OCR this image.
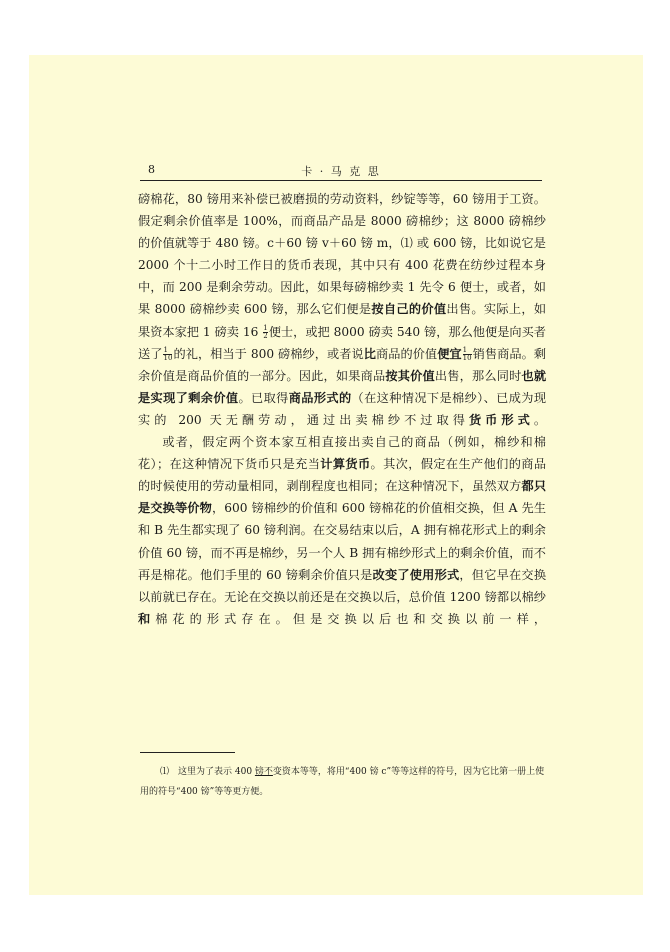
8	卡 · 马 克 思

磅棉花，80 镑用来补偿已被磨损的劳动资料，纱锭等等，60 镑用于工资。假定剩余价值率是 100%，而商品产品是 8000 磅棉纱；这 8000 磅棉纱的价值就等于 480 镑。c＋60 镑 v＋60 镑 m，⑴ 或 600 镑，比如说它是 2000 个十二小时工作日的货币表现，其中只有 400 花费在纺纱过程本身中，而 200 是剩余劳动。因此，如果每磅棉纱卖 1 先令 6 便士，或者，如果 8000 磅棉纱卖 600 镑，那么它们便是按自己的价值出售。实际上，如果资本家把 1 磅卖 $16 \frac{1}{2}$ 便士，或把 8000 磅卖 540 镑，那么他便是向买者送了 $\frac{1}{10}$ 的礼，相当于 800 磅棉纱，或者说比商品的价值便宜 $\frac{1}{10}$ 销售商品。剩余价值是商品价值的一部分。因此，如果商品按其价值出售，那么同时也就是实现了剩余价值。已取得商品形式的（在这种情况下是棉纱）、已成为现实的 200 天无酬劳动，通过出卖棉纱不过取得货币形式。

或者，假定两个资本家互相直接出卖自己的商品（例如，棉纱和棉花）；在这种情况下货币只是充当计算货币。其次，假定在生产他们的商品的时候使用的劳动量相同，剥削程度也相同；在这种情况下，虽然双方都只是交换等价物，600 镑棉纱的价值和 600 镑棉花的价值相交换，但 A 先生和 B 先生都实现了 60 镑利润。在交易结束以后，A 拥有棉花形式上的剩余价值 60 镑，而不再是棉纱，另一个人 B 拥有棉纱形式上的剩余价值，而不再是棉花。他们手里的 60 镑剩余价值只是改变了使用形式，但它早在交换以前就已存在。无论在交换以前还是在交换以后，总价值 1200 镑都以棉纱和棉花的形式存在。但是交换以后也和交换以前一样，

⑴　这里为了表示 400 镑不变资本等等，将用“400 镑 c”等等这样的符号，因为它比第一册上使用的符号“400 镑”等等更方便。
